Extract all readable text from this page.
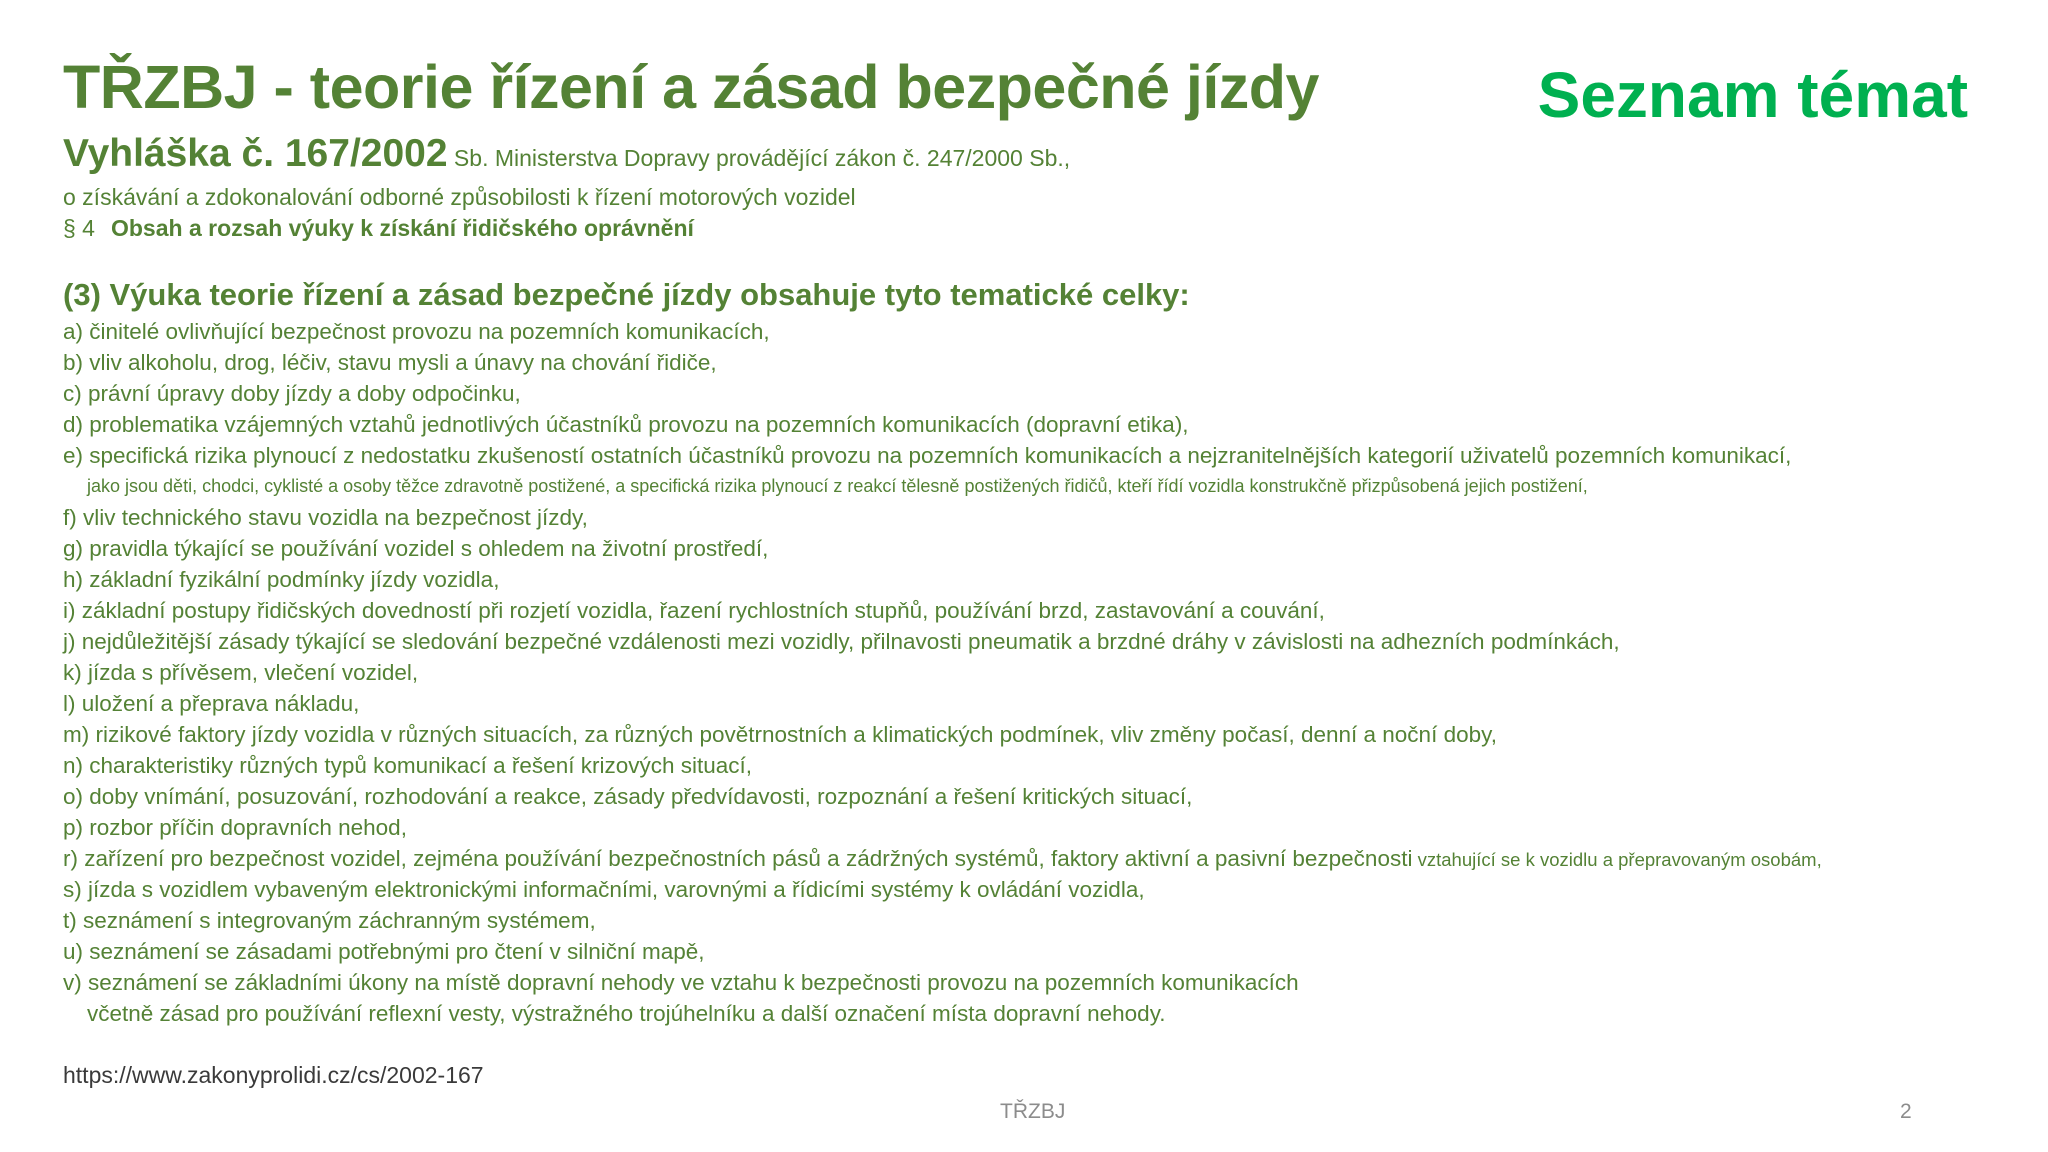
TŘZBJ - teorie řízení a zásad bezpečné jízdy	Seznam témat
Vyhláška č. 167/2002 Sb. Ministerstva Dopravy provádějící zákon č. 247/2000 Sb.,
o získávání a zdokonalování odborné způsobilosti k řízení motorových vozidel
§ 4 Obsah a rozsah výuky k získání řidičského oprávnění
(3) Výuka teorie řízení a zásad bezpečné jízdy obsahuje tyto tematické celky:
a) činitelé ovlivňující bezpečnost provozu na pozemních komunikacích,
b) vliv alkoholu, drog, léčiv, stavu mysli a únavy na chování řidiče,
c) právní úpravy doby jízdy a doby odpočinku,
d) problematika vzájemných vztahů jednotlivých účastníků provozu na pozemních komunikacích (dopravní etika),
e) specifická rizika plynoucí z nedostatku zkušeností ostatních účastníků provozu na pozemních komunikacích a nejzranitelnějších kategorií uživatelů pozemních komunikací,
jako jsou děti, chodci, cyklisté a osoby těžce zdravotně postižené, a specifická rizika plynoucí z reakcí tělesně postižených řidičů, kteří řídí vozidla konstrukčně přizpůsobená jejich postižení,
f) vliv technického stavu vozidla na bezpečnost jízdy,
g) pravidla týkající se používání vozidel s ohledem na životní prostředí,
h) základní fyzikální podmínky jízdy vozidla,
i) základní postupy řidičských dovedností při rozjetí vozidla, řazení rychlostních stupňů, používání brzd, zastavování a couvání,
j) nejdůležitější zásady týkající se sledování bezpečné vzdálenosti mezi vozidly, přilnavosti pneumatik a brzdné dráhy v závislosti na adhezních podmínkách,
k) jízda s přívěsem, vlečení vozidel,
l) uložení a přeprava nákladu,
m) rizikové faktory jízdy vozidla v různých situacích, za různých povětrnostních a klimatických podmínek, vliv změny počasí, denní a noční doby,
n) charakteristiky různých typů komunikací a řešení krizových situací,
o) doby vnímání, posuzování, rozhodování a reakce, zásady předvídavosti, rozpoznání a řešení kritických situací,
p) rozbor příčin dopravních nehod,
r) zařízení pro bezpečnost vozidel, zejména používání bezpečnostních pásů a zádržných systémů, faktory aktivní a pasivní bezpečnosti vztahující se k vozidlu a přepravovaným osobám,
s) jízda s vozidlem vybaveným elektronickými informačními, varovnými a řídicími systémy k ovládání vozidla,
t) seznámení s integrovaným záchranným systémem,
u) seznámení se zásadami potřebnými pro čtení v silniční mapě,
v) seznámení se základními úkony na místě dopravní nehody ve vztahu k bezpečnosti provozu na pozemních komunikacích
včetně zásad pro používání reflexní vesty, výstražného trojúhelníku a další označení místa dopravní nehody.
https://www.zakonyprolidi.cz/cs/2002-167
TŘZBJ	2
